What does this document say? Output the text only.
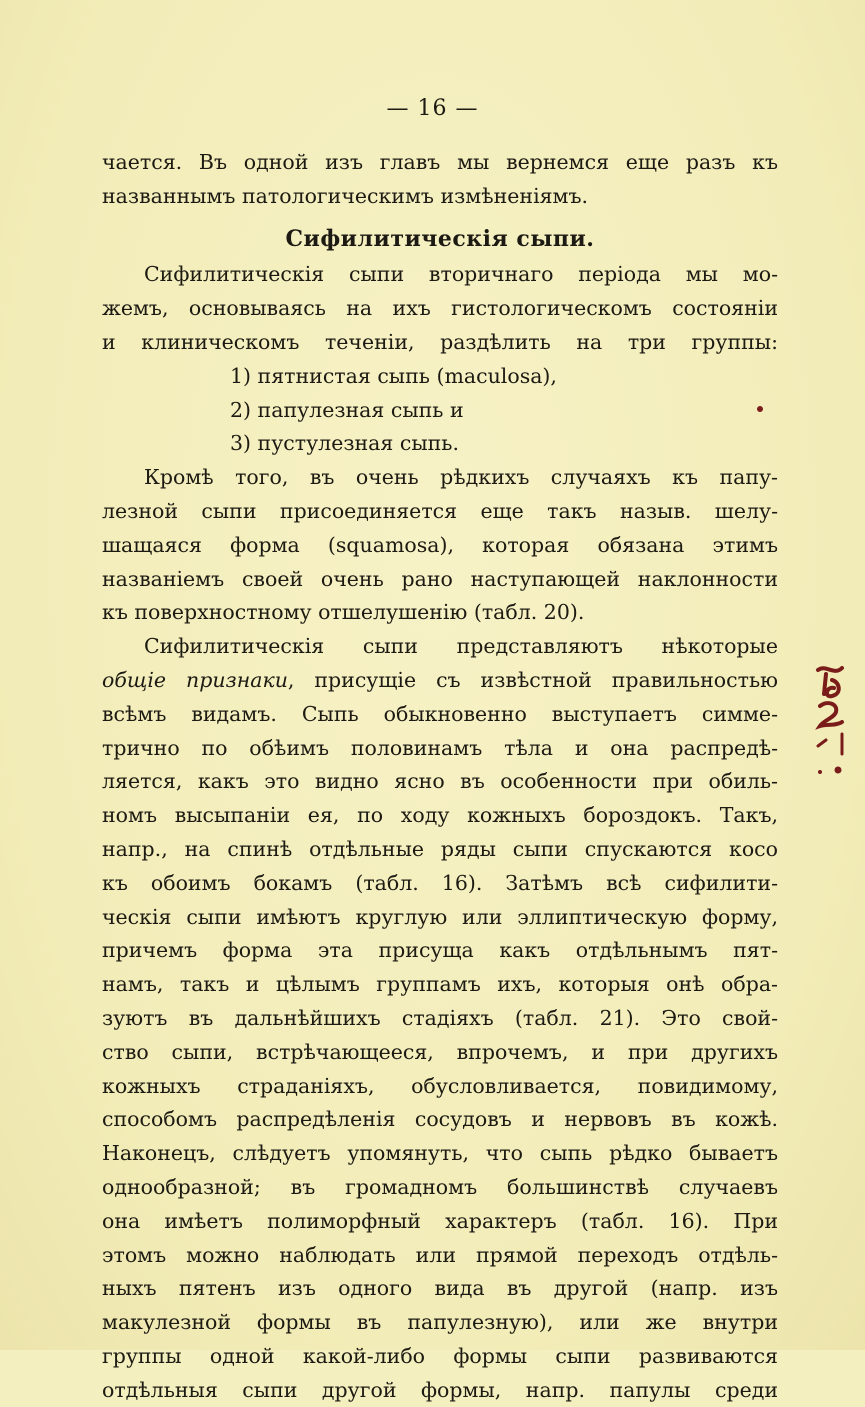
— 16 —
чается. Въ одной изъ главъ мы вернемся еще разъ къ
названнымъ патологическимъ измѣненіямъ.
Сифилитическія сыпи.
Сифилитическія сыпи вторичнаго періода мы мо-
жемъ, основываясь на ихъ гистологическомъ состояніи
и клиническомъ теченіи, раздѣлить на три группы:
1) пятнистая сыпь (maculosa),
2) папулезная сыпь и
3) пустулезная сыпь.
Кромѣ того, въ очень рѣдкихъ случаяхъ къ папу-
лезной сыпи присоединяется еще такъ назыв. шелу-
шащаяся форма (squamosa), которая обязана этимъ
названіемъ своей очень рано наступающей наклонности
къ поверхностному отшелушенію (табл. 20).
Сифилитическія сыпи представляютъ нѣкоторые
общіе признаки, присущіе съ извѣстной правильностью
всѣмъ видамъ. Сыпь обыкновенно выступаетъ симме-
трично по обѣимъ половинамъ тѣла и она распредѣ-
ляется, какъ это видно ясно въ особенности при обиль-
номъ высыпаніи ея, по ходу кожныхъ бороздокъ. Такъ,
напр., на спинѣ отдѣльные ряды сыпи спускаются косо
къ обоимъ бокамъ (табл. 16). Затѣмъ всѣ сифилити-
ческія сыпи имѣютъ круглую или эллиптическую форму,
причемъ форма эта присуща какъ отдѣльнымъ пят-
намъ, такъ и цѣлымъ группамъ ихъ, которыя онѣ обра-
зуютъ въ дальнѣйшихъ стадіяхъ (табл. 21). Это свой-
ство сыпи, встрѣчающееся, впрочемъ, и при другихъ
кожныхъ страданіяхъ, обусловливается, повидимому,
способомъ распредѣленія сосудовъ и нервовъ въ кожѣ.
Наконецъ, слѣдуетъ упомянуть, что сыпь рѣдко бываетъ
однообразной; въ громадномъ большинствѣ случаевъ
она имѣетъ полиморфный характеръ (табл. 16). При
этомъ можно наблюдать или прямой переходъ отдѣль-
ныхъ пятенъ изъ одного вида въ другой (напр. изъ
макулезной формы въ папулезную), или же внутри
группы одной какой-либо формы сыпи развиваются
отдѣльныя сыпи другой формы, напр. папулы среди
